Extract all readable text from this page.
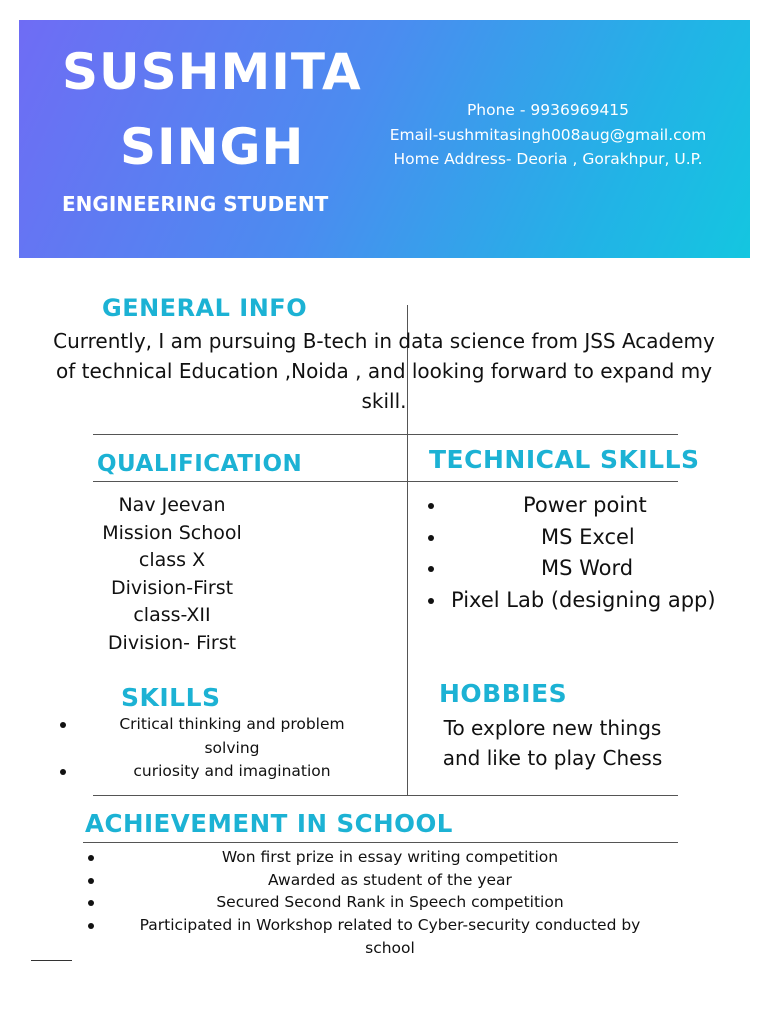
SUSHMITA
SINGH
ENGINEERING STUDENT
Phone - 9936969415
Email-sushmitasingh008aug@gmail.com
Home Address- Deoria , Gorakhpur, U.P.
GENERAL INFO
Currently, I am pursuing B-tech in data science from JSS Academy
of technical Education ,Noida , and looking forward to expand my
skill.
QUALIFICATION
Nav Jeevan
Mission School
class X
Division-First
class-XII
Division- First
TECHNICAL SKILLS
Power point
MS Excel
MS Word
Pixel Lab (designing app)
SKILLS
Critical thinking and problem
solving
curiosity and imagination
HOBBIES
To explore new things
and like to play Chess
ACHIEVEMENT IN SCHOOL
Won first prize in essay writing competition
Awarded as student of the year
Secured Second Rank in Speech competition
Participated in Workshop related to Cyber-security conducted by
school
